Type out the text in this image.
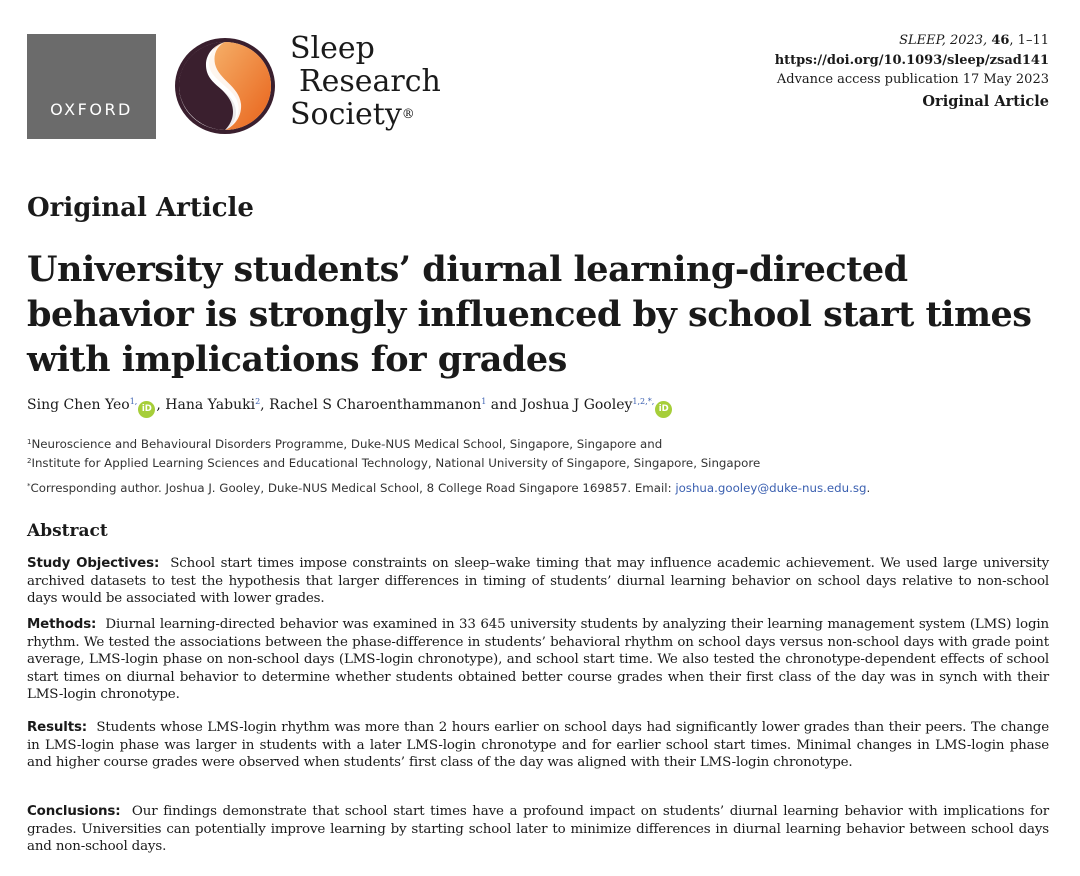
OXFORD
Sleep
Research
Society®
SLEEP, 2023, 46, 1–11
https://doi.org/10.1093/sleep/zsad141
Advance access publication 17 May 2023
Original Article
Original Article
University students’ diurnal learning-directed behavior is strongly influenced by school start times with implications for grades
Sing Chen Yeo$^{1,}$iD , Hana Yabuki$^2$, Rachel S Charoenthammanon$^1$ and Joshua J Gooley$^{1,2,*,}$iD
$^1$Neuroscience and Behavioural Disorders Programme, Duke-NUS Medical School, Singapore, Singapore and
$^2$Institute for Applied Learning Sciences and Educational Technology, National University of Singapore, Singapore, Singapore
*Corresponding author. Joshua J. Gooley, Duke-NUS Medical School, 8 College Road Singapore 169857. Email: joshua.gooley@duke-nus.edu.sg.
Abstract
Study Objectives: School start times impose constraints on sleep–wake timing that may influence academic achievement. We used large university archived datasets to test the hypothesis that larger differences in timing of students’ diurnal learning behavior on school days relative to non-school days would be associated with lower grades.
Methods: Diurnal learning-directed behavior was examined in 33 645 university students by analyzing their learning management system (LMS) login rhythm. We tested the associations between the phase-difference in students’ behavioral rhythm on school days versus non-school days with grade point average, LMS-login phase on non-school days (LMS-login chronotype), and school start time. We also tested the chronotype-dependent effects of school start times on diurnal behavior to determine whether students obtained better course grades when their first class of the day was in synch with their LMS-login chronotype.
Results: Students whose LMS-login rhythm was more than 2 hours earlier on school days had significantly lower grades than their peers. The change in LMS-login phase was larger in students with a later LMS-login chronotype and for earlier school start times. Minimal changes in LMS-login phase and higher course grades were observed when students’ first class of the day was aligned with their LMS-login chronotype.
Conclusions: Our findings demonstrate that school start times have a profound impact on students’ diurnal learning behavior with implications for grades. Universities can potentially improve learning by starting school later to minimize differences in diurnal learning behavior between school days and non-school days.
